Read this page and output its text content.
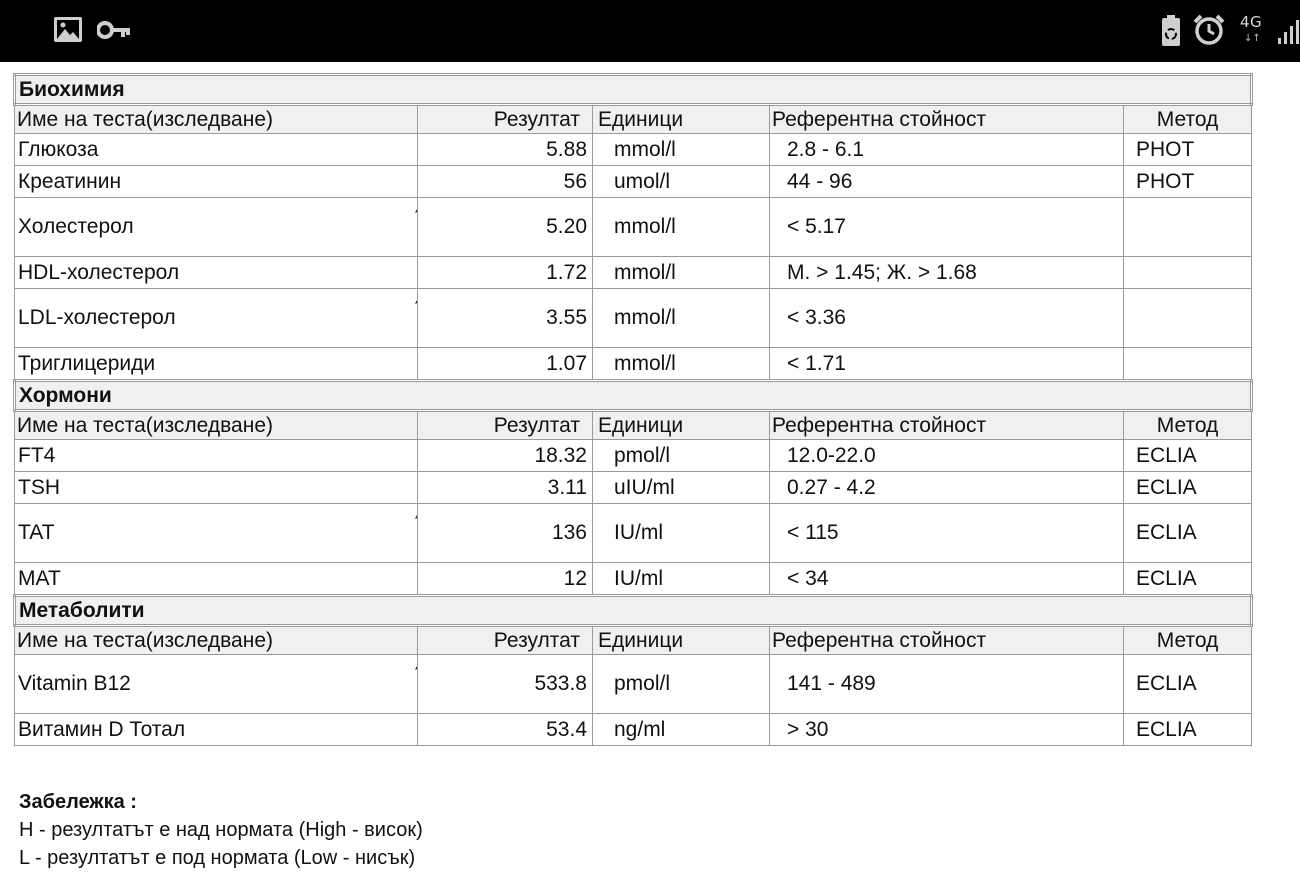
4G
↓↑
Биохимия				
Име на теста(изследване)	Резултат	Единици	Референтна стойност	Метод
Глюкоза	5.88	mmol/l	2.8 - 6.1	PHOT
Креатинин	56	umol/l	44 - 96	PHOT
Холестерол	5.20	mmol/l	< 5.17	
HDL-холестерол	1.72	mmol/l	M. > 1.45; Ж. > 1.68	
LDL-холестерол	3.55	mmol/l	< 3.36	
Триглицериди	1.07	mmol/l	< 1.71	
Хормони				
Име на теста(изследване)	Резултат	Единици	Референтна стойност	Метод
FT4	18.32	pmol/l	12.0-22.0	ECLIA
TSH	3.11	uIU/ml	0.27 - 4.2	ECLIA
TAT	136	IU/ml	< 115	ECLIA
MAT	12	IU/ml	< 34	ECLIA
Метаболити				
Име на теста(изследване)	Резултат	Единици	Референтна стойност	Метод
Vitamin B12	533.8	pmol/l	141 - 489	ECLIA
Витамин D Тотал	53.4	ng/ml	> 30	ECLIA
Забележка :
H - резултатът е над нормата (High - висок)
L - резултатът е под нормата (Low - нисък)
